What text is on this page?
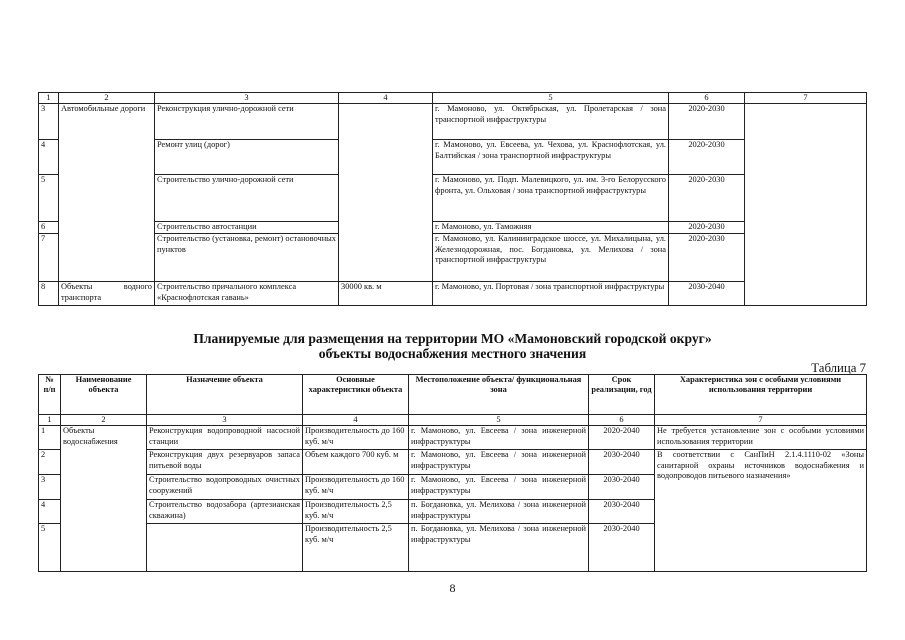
1	2	3	4	5	6	7
3	Автомобильные дороги	Реконструкция улично-дорожной сети		г. Мамоново, ул. Октябрьская, ул. Пролетарская / зона транспортной инфраструктуры	2020-2030	
4		Ремонт улиц (дорог)		г. Мамоново, ул. Евсеева, ул. Чехова, ул. Краснофлотская, ул. Балтийская / зона транспортной инфраструктуры	2020-2030	
5		Строительство улично-дорожной сети		г. Мамоново, ул. Подп. Малевицкого, ул. им. 3-го Белорусского фронта, ул. Ольховая / зона транспортной инфраструктуры	2020-2030	
6		Строительство автостанции		г. Мамоново, ул. Таможняя	2020-2030	
7		Строительство (установка, ремонт) остановочных пунктов		г. Мамоново, ул. Калининградское шоссе, ул. Михалицына, ул. Железнодорожная, пос. Богдановка, ул. Мелихова / зона транспортной инфраструктуры	2020-2030	
8	Объекты водного транспорта	Строительство причального комплекса «Краснофлотская гавань»	30000 кв. м	г. Мамоново, ул. Портовая / зона транспортной инфраструктуры	2030-2040	
Планируемые для размещения на территории МО «Мамоновский городской округ»
объекты водоснабжения местного значения
Таблица 7
№ п/п	Наименование объекта	Назначение объекта	Основные характеристики объекта	Местоположение объекта/ функциональная зона	Срок реализации, год	Характеристика зон с особыми условиями использования территории
1	2	3	4	5	6	7
1	Объекты водоснабжения	Реконструкция водопроводной насосной станции	Производительность до 160 куб. м/ч	г. Мамоново, ул. Евсеева / зона инженерной инфраструктуры	2020-2040	Не требуется установление зон с особыми условиями использования территории
2		Реконструкция двух резервуаров запаса питьевой воды	Объем каждого 700 куб. м	г. Мамоново, ул. Евсеева / зона инженерной инфраструктуры	2030-2040	В соответствии с СанПиН 2.1.4.1110-02 «Зоны санитарной охраны источников водоснабжения и водопроводов питьевого назначения»
3		Строительство водопроводных очистных сооружений	Производительность до 160 куб. м/ч	г. Мамоново, ул. Евсеева / зона инженерной инфраструктуры	2030-2040	
4		Строительство водозабора (артезианская скважина)	Производительность 2,5 куб. м/ч	п. Богдановка, ул. Мелихова / зона инженерной инфраструктуры	2030-2040	
5			Производительность 2,5 куб. м/ч	п. Богдановка, ул. Мелихова / зона инженерной инфраструктуры	2030-2040	
8
